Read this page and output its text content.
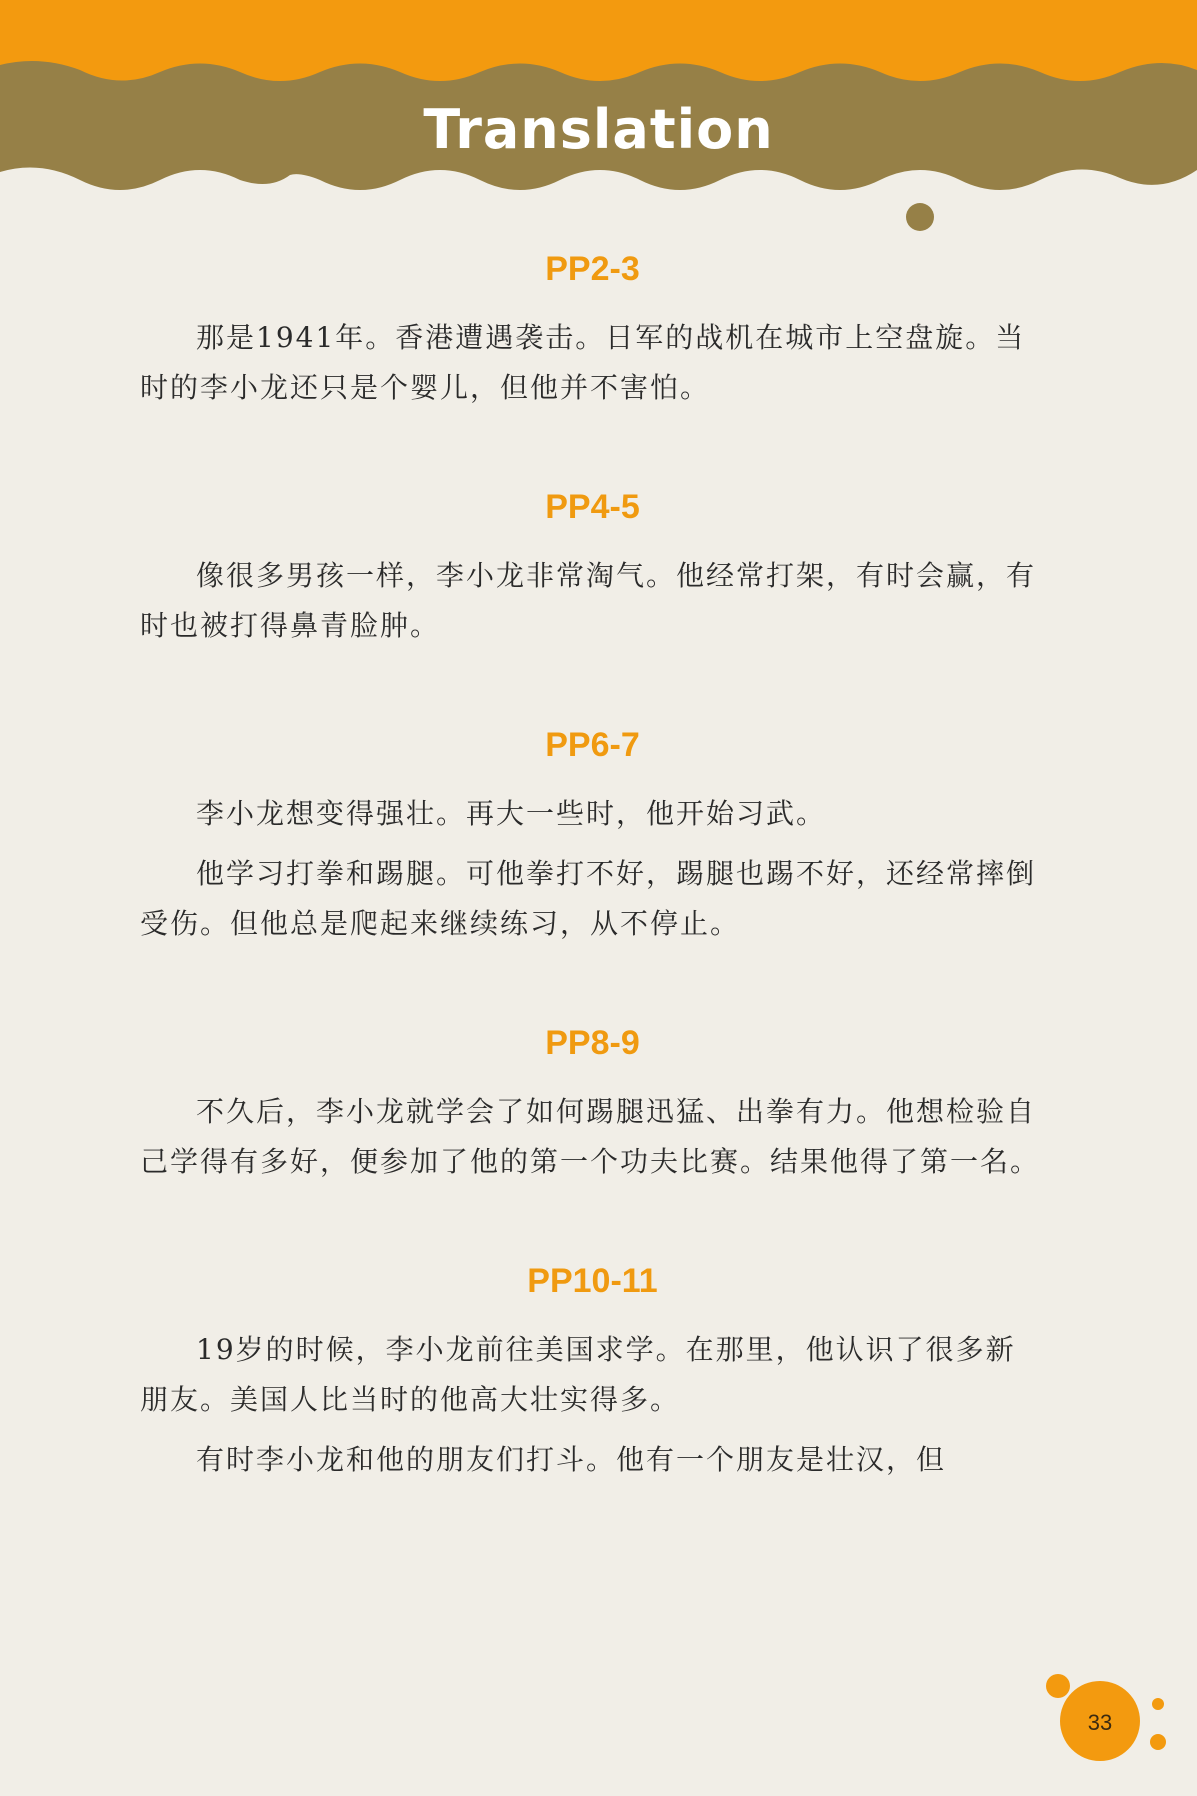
Translation
PP2-3

那是1941年。香港遭遇袭击。日军的战机在城市上空盘旋。当时的李小龙还只是个婴儿，但他并不害怕。

PP4-5

像很多男孩一样，李小龙非常淘气。他经常打架，有时会赢，有时也被打得鼻青脸肿。

PP6-7

李小龙想变得强壮。再大一些时，他开始习武。

他学习打拳和踢腿。可他拳打不好，踢腿也踢不好，还经常摔倒受伤。但他总是爬起来继续练习，从不停止。

PP8-9

不久后，李小龙就学会了如何踢腿迅猛、出拳有力。他想检验自己学得有多好，便参加了他的第一个功夫比赛。结果他得了第一名。

PP10-11

19岁的时候，李小龙前往美国求学。在那里，他认识了很多新朋友。美国人比当时的他高大壮实得多。

有时李小龙和他的朋友们打斗。他有一个朋友是壮汉，但

33
